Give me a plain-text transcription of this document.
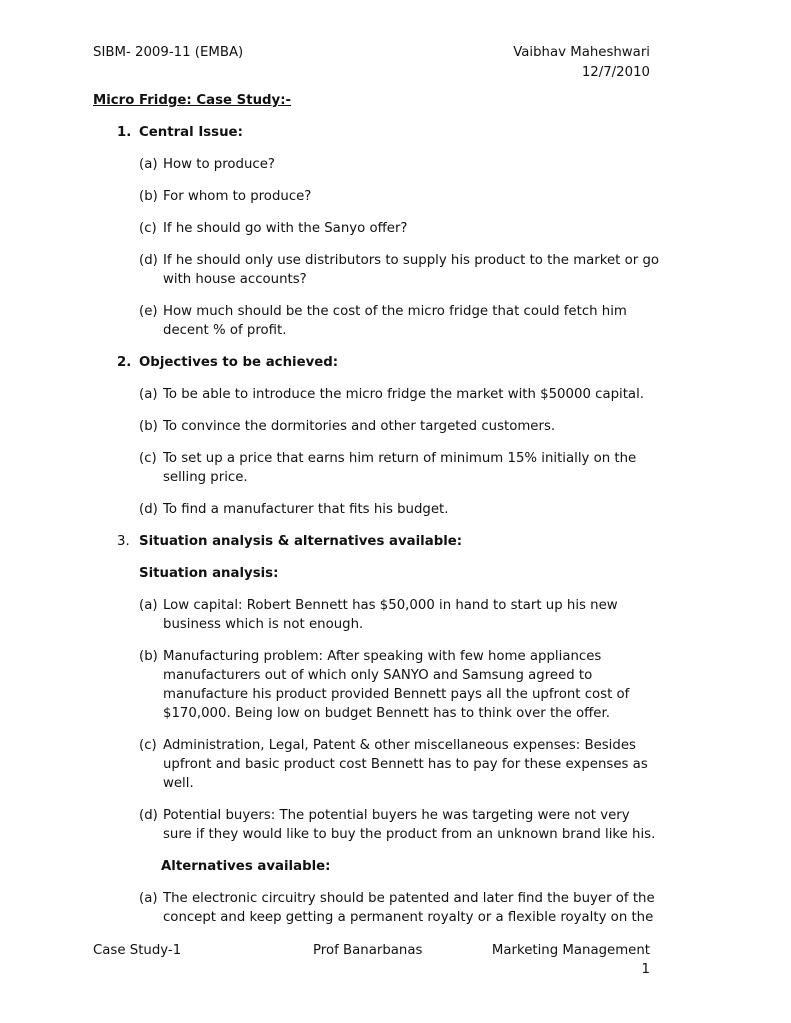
SIBM- 2009-11 (EMBA)	Vaibhav Maheshwari
12/7/2010
Micro Fridge: Case Study:-
1. Central Issue:
(a) How to produce?
(b) For whom to produce?
(c) If he should go with the Sanyo offer?
(d) If he should only use distributors to supply his product to the market or go
with house accounts?
(e) How much should be the cost of the micro fridge that could fetch him
decent % of profit.
2. Objectives to be achieved:
(a) To be able to introduce the micro fridge the market with $50000 capital.
(b) To convince the dormitories and other targeted customers.
(c) To set up a price that earns him return of minimum 15% initially on the
selling price.
(d) To find a manufacturer that fits his budget.
3. Situation analysis & alternatives available:
Situation analysis:
(a) Low capital: Robert Bennett has $50,000 in hand to start up his new
business which is not enough.
(b) Manufacturing problem: After speaking with few home appliances
manufacturers out of which only SANYO and Samsung agreed to
manufacture his product provided Bennett pays all the upfront cost of
$170,000. Being low on budget Bennett has to think over the offer.
(c) Administration, Legal, Patent & other miscellaneous expenses: Besides
upfront and basic product cost Bennett has to pay for these expenses as
well.
(d) Potential buyers: The potential buyers he was targeting were not very
sure if they would like to buy the product from an unknown brand like his.
Alternatives available:
(a) The electronic circuitry should be patented and later find the buyer of the
concept and keep getting a permanent royalty or a flexible royalty on the
Case Study-1	Prof Banarbanas	Marketing Management
1
